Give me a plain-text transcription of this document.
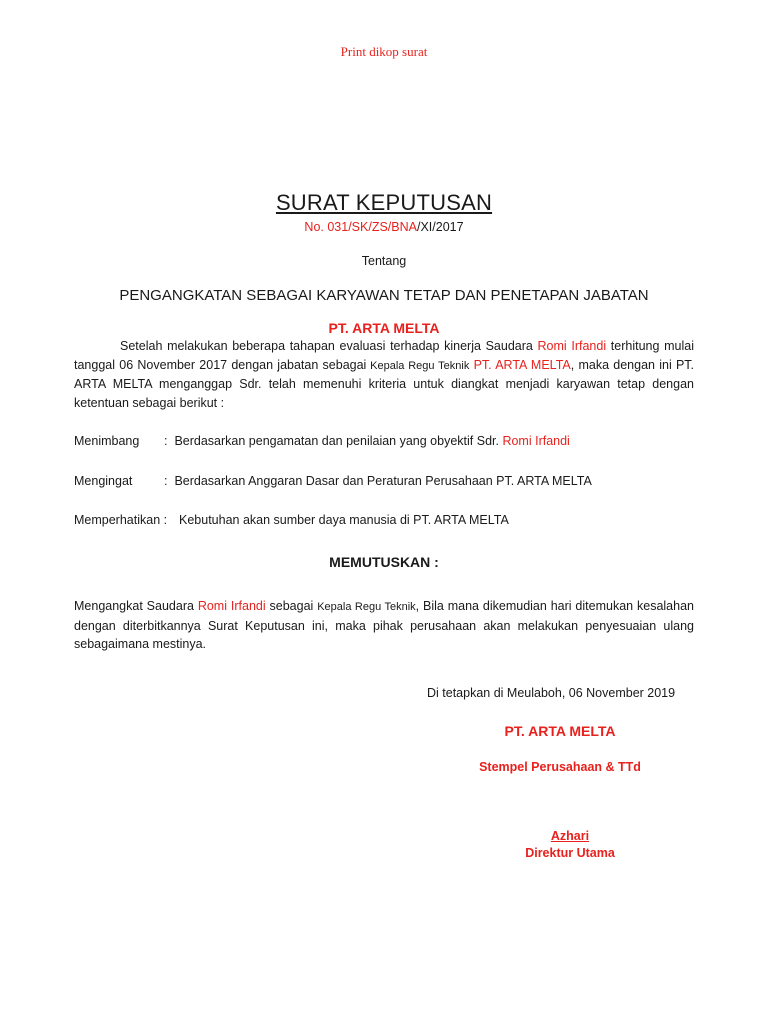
Print dikop surat
SURAT KEPUTUSAN
No. 031/SK/ZS/BNA/XI/2017
Tentang
PENGANGKATAN SEBAGAI KARYAWAN TETAP DAN PENETAPAN JABATAN
PT. ARTA MELTA
Setelah melakukan beberapa tahapan evaluasi terhadap kinerja Saudara Romi Irfandi terhitung mulai tanggal 06 November 2017 dengan jabatan sebagai Kepala Regu Teknik PT. ARTA MELTA, maka dengan ini PT. ARTA MELTA menganggap Sdr. telah memenuhi kriteria untuk diangkat menjadi karyawan tetap dengan ketentuan sebagai berikut :
Menimbang : Berdasarkan pengamatan dan penilaian yang obyektif Sdr. Romi Irfandi
Mengingat	: Berdasarkan Anggaran Dasar dan Peraturan Perusahaan PT. ARTA MELTA
Memperhatikan : Kebutuhan akan sumber daya manusia di PT. ARTA MELTA
MEMUTUSKAN :
Mengangkat Saudara Romi Irfandi sebagai Kepala Regu Teknik, Bila mana dikemudian hari ditemukan kesalahan dengan diterbitkannya Surat Keputusan ini, maka pihak perusahaan akan melakukan penyesuaian ulang sebagaimana mestinya.
Di tetapkan di Meulaboh, 06 November 2019
PT. ARTA MELTA
Stempel Perusahaan & TTd
Azhari
Direktur Utama
